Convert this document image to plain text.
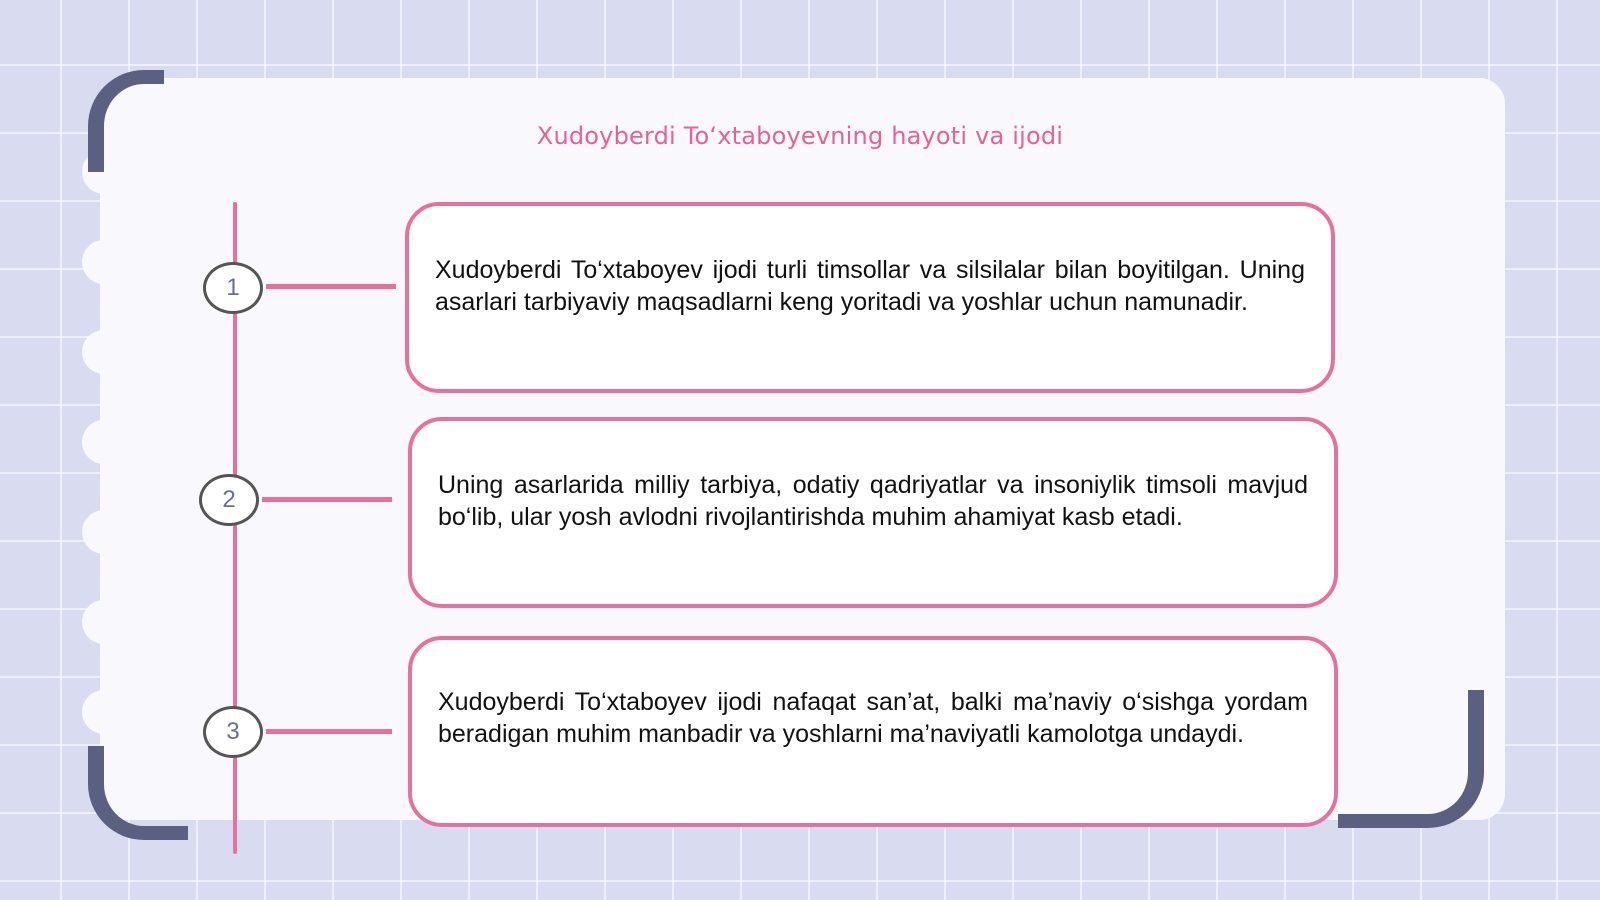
Xudoyberdi Toʻxtaboyevning hayoti va ijodi
1
2
3

Xudoyberdi To‘xtaboyev ijodi turli timsollar va silsilalar bilan boyitilgan. Uning asarlari tarbiyaviy maqsadlarni keng yoritadi va yoshlar uchun namunadir.

Uning asarlarida milliy tarbiya, odatiy qadriyatlar va insoniylik timsoli mavjud bo‘lib, ular yosh avlodni rivojlantirishda muhim ahamiyat kasb etadi.

Xudoyberdi To‘xtaboyev ijodi nafaqat san’at, balki ma’naviy o‘sishga yordam beradigan muhim manbadir va yoshlarni ma’naviyatli kamolotga undaydi.
